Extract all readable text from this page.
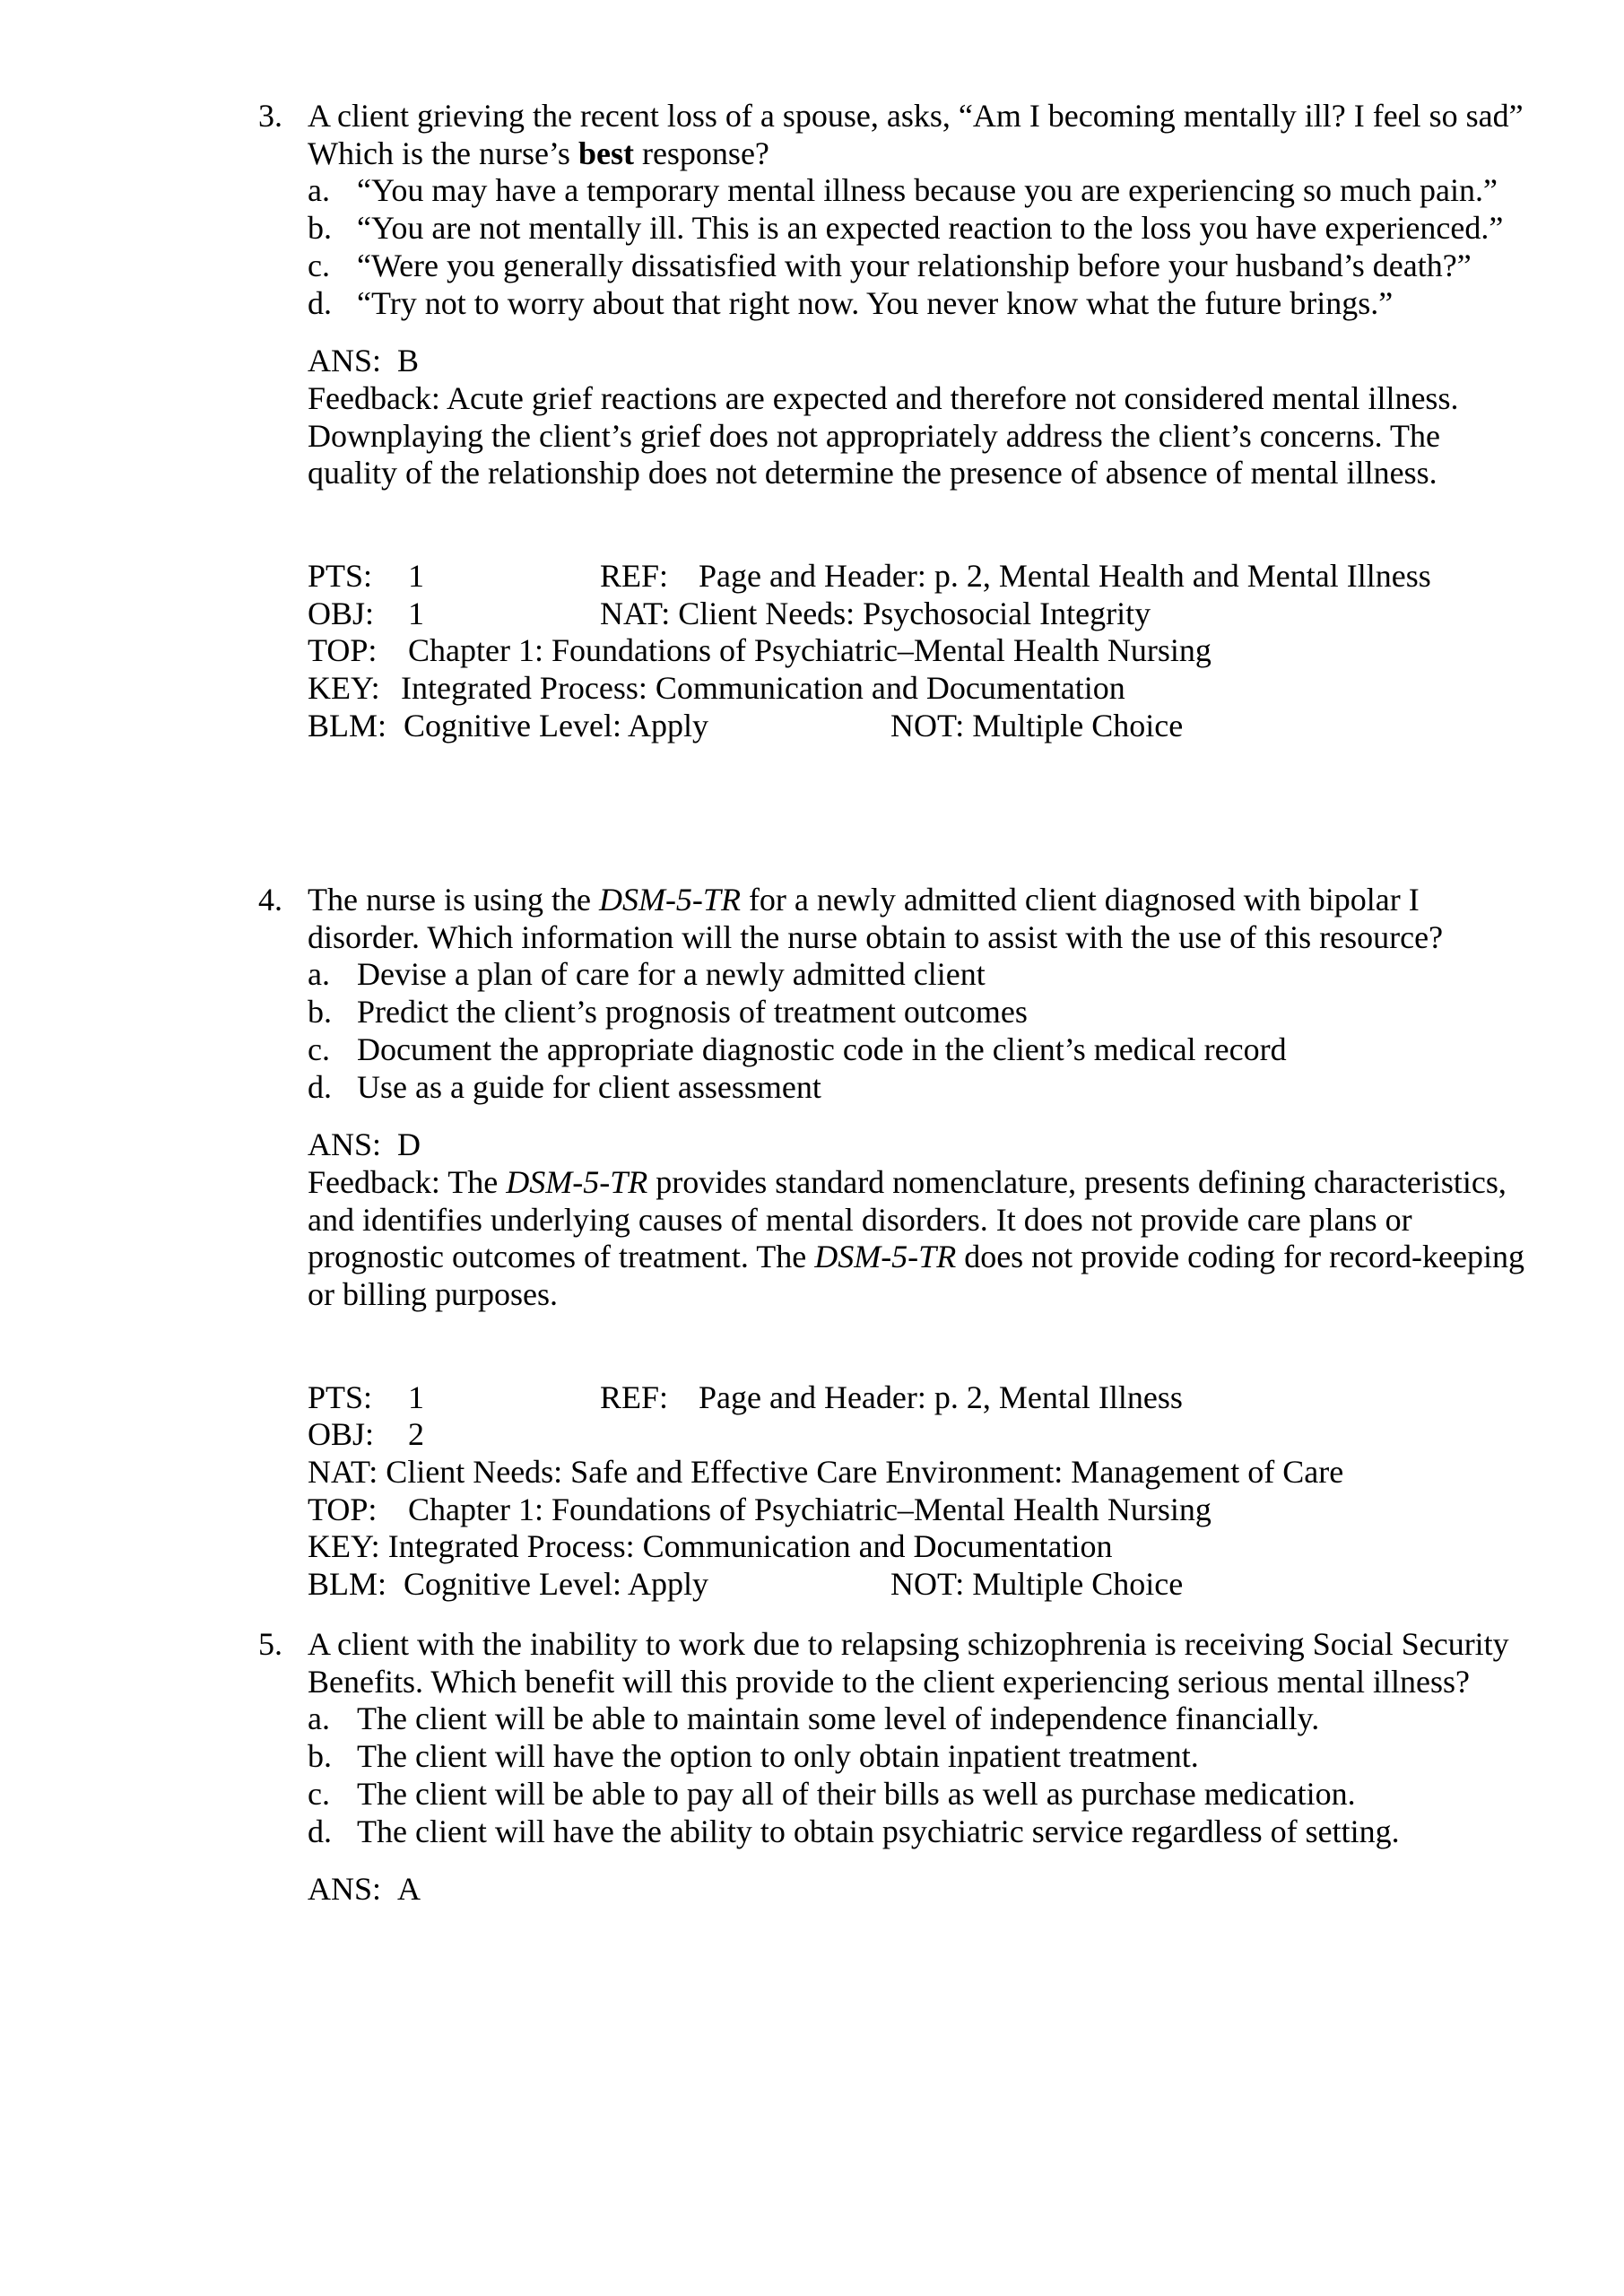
3. A client grieving the recent loss of a spouse, asks, “Am I becoming mentally ill? I feel so sad” Which is the nurse’s best response?
a. “You may have a temporary mental illness because you are experiencing so much pain.”
b. “You are not mentally ill. This is an expected reaction to the loss you have experienced.”
c. “Were you generally dissatisfied with your relationship before your husband’s death?”
d. “Try not to worry about that right now. You never know what the future brings.”
ANS: B
Feedback: Acute grief reactions are expected and therefore not considered mental illness. Downplaying the client’s grief does not appropriately address the client’s concerns. The quality of the relationship does not determine the presence of absence of mental illness.
PTS: 1	REF: Page and Header: p. 2, Mental Health and Mental Illness
OBJ: 1	NAT: Client Needs: Psychosocial Integrity
TOP: Chapter 1: Foundations of Psychiatric–Mental Health Nursing
KEY: Integrated Process: Communication and Documentation
BLM: Cognitive Level: Apply	NOT: Multiple Choice
4. The nurse is using the DSM-5-TR for a newly admitted client diagnosed with bipolar I disorder. Which information will the nurse obtain to assist with the use of this resource?
a. Devise a plan of care for a newly admitted client
b. Predict the client’s prognosis of treatment outcomes
c. Document the appropriate diagnostic code in the client’s medical record
d. Use as a guide for client assessment
ANS: D
Feedback: The DSM-5-TR provides standard nomenclature, presents defining characteristics, and identifies underlying causes of mental disorders. It does not provide care plans or prognostic outcomes of treatment. The DSM-5-TR does not provide coding for record-keeping or billing purposes.
PTS: 1	REF: Page and Header: p. 2, Mental Illness
OBJ: 2
NAT: Client Needs: Safe and Effective Care Environment: Management of Care
TOP: Chapter 1: Foundations of Psychiatric–Mental Health Nursing
KEY: Integrated Process: Communication and Documentation
BLM: Cognitive Level: Apply	NOT: Multiple Choice
5. A client with the inability to work due to relapsing schizophrenia is receiving Social Security Benefits. Which benefit will this provide to the client experiencing serious mental illness?
a. The client will be able to maintain some level of independence financially.
b. The client will have the option to only obtain inpatient treatment.
c. The client will be able to pay all of their bills as well as purchase medication.
d. The client will have the ability to obtain psychiatric service regardless of setting.
ANS: A
